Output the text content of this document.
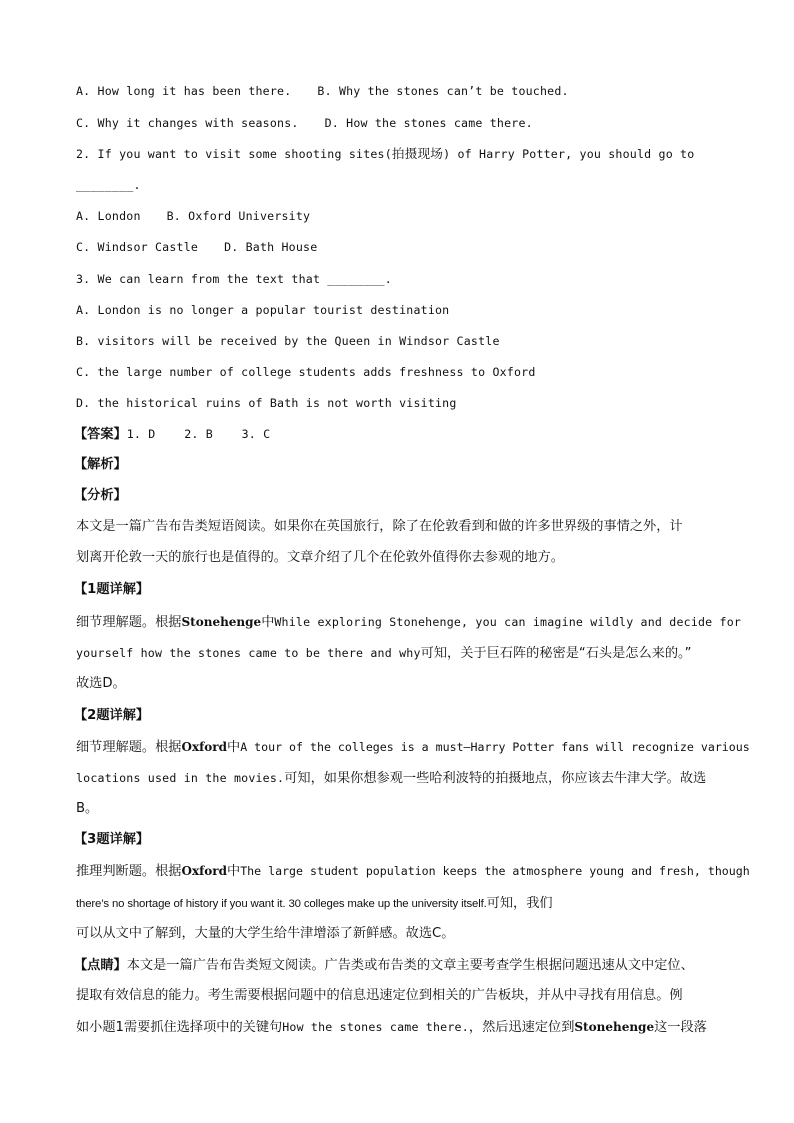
A. How long it has been there. B. Why the stones can’t be touched.
C. Why it changes with seasons. D. How the stones came there.
2. If you want to visit some shooting sites(拍摄现场) of Harry Potter, you should go to
________.
A. London B. Oxford University
C. Windsor Castle D. Bath House
3. We can learn from the text that ________.
A. London is no longer a popular tourist destination
B. visitors will be received by the Queen in Windsor Castle
C. the large number of college students adds freshness to Oxford
D. the historical ruins of Bath is not worth visiting
【答案】1. D    2. B    3. C
【解析】
【分析】
本文是一篇广告布告类短语阅读。如果你在英国旅行，除了在伦敦看到和做的许多世界级的事情之外，计
划离开伦敦一天的旅行也是值得的。文章介绍了几个在伦敦外值得你去参观的地方。
【1题详解】
细节理解题。根据Stonehenge中While exploring Stonehenge, you can imagine wildly and decide for
yourself how the stones came to be there and why可知，关于巨石阵的秘密是“石头是怎么来的。”
故选D。
【2题详解】
细节理解题。根据Oxford中A tour of the colleges is a must—Harry Potter fans will recognize various
locations used in the movies.可知，如果你想参观一些哈利波特的拍摄地点，你应该去牛津大学。故选
B。
【3题详解】
推理判断题。根据Oxford中The large student population keeps the atmosphere young and fresh, though
there’s no shortage of history if you want it. 30 colleges make up the university itself.可知，我们
可以从文中了解到，大量的大学生给牛津增添了新鲜感。故选C。
【点睛】本文是一篇广告布告类短文阅读。广告类或布告类的文章主要考查学生根据问题迅速从文中定位、
提取有效信息的能力。考生需要根据问题中的信息迅速定位到相关的广告板块，并从中寻找有用信息。例
如小题1需要抓住选择项中的关键句How the stones came there.，然后迅速定位到Stonehenge这一段落
